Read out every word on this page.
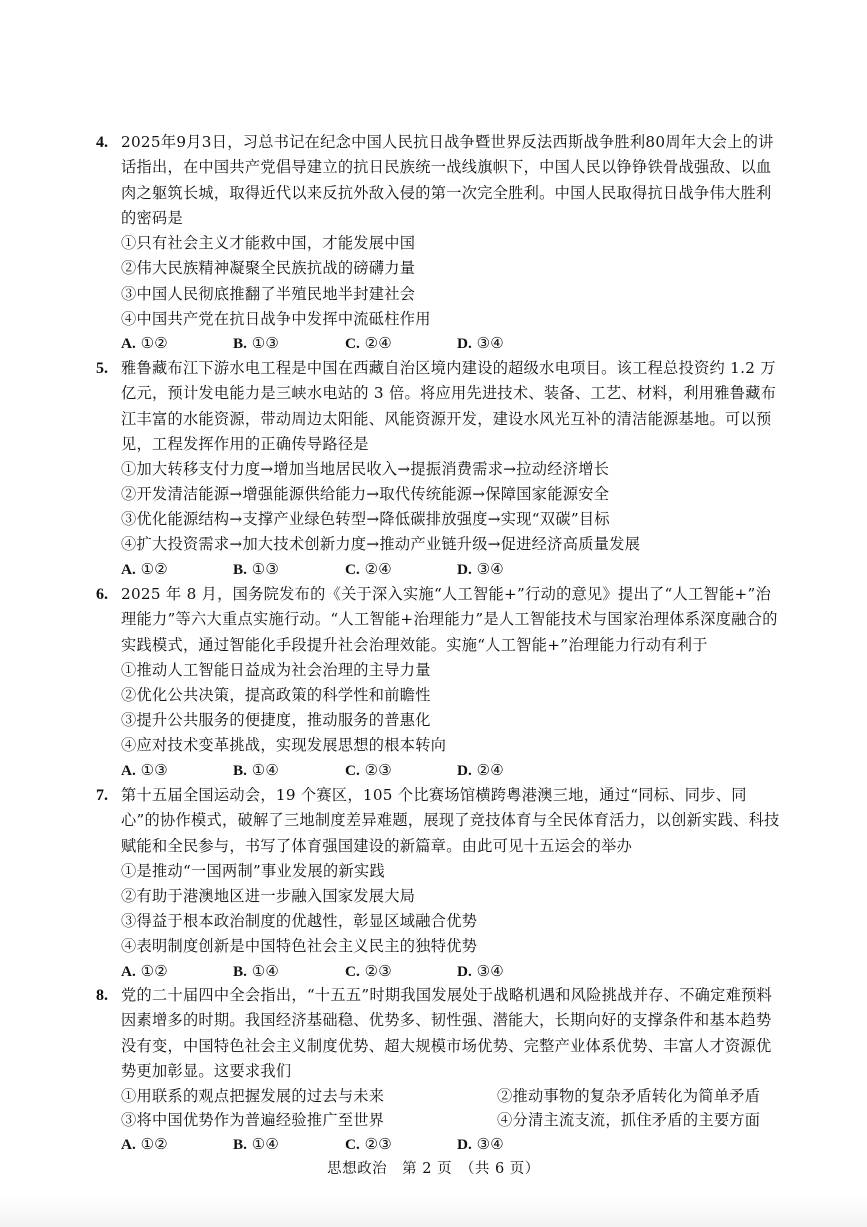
4. 2025年9月3日，习总书记在纪念中国人民抗日战争暨世界反法西斯战争胜利80周年大会上的讲话指出，在中国共产党倡导建立的抗日民族统一战线旗帜下，中国人民以铮铮铁骨战强敌、以血肉之躯筑长城，取得近代以来反抗外敌入侵的第一次完全胜利。中国人民取得抗日战争伟大胜利的密码是
①只有社会主义才能救中国，才能发展中国
②伟大民族精神凝聚全民族抗战的磅礴力量
③中国人民彻底推翻了半殖民地半封建社会
④中国共产党在抗日战争中发挥中流砥柱作用
A. ①②	B. ①③	C. ②④	D. ③④
5. 雅鲁藏布江下游水电工程是中国在西藏自治区境内建设的超级水电项目。该工程总投资约 1.2 万亿元，预计发电能力是三峡水电站的 3 倍。将应用先进技术、装备、工艺、材料，利用雅鲁藏布江丰富的水能资源，带动周边太阳能、风能资源开发，建设水风光互补的清洁能源基地。可以预见，工程发挥作用的正确传导路径是
①加大转移支付力度→增加当地居民收入→提振消费需求→拉动经济增长
②开发清洁能源→增强能源供给能力→取代传统能源→保障国家能源安全
③优化能源结构→支撑产业绿色转型→降低碳排放强度→实现“双碳”目标
④扩大投资需求→加大技术创新力度→推动产业链升级→促进经济高质量发展
A. ①②	B. ①③	C. ②④	D. ③④
6. 2025 年 8 月，国务院发布的《关于深入实施“人工智能+”行动的意见》提出了“人工智能+”治理能力”等六大重点实施行动。“人工智能+治理能力”是人工智能技术与国家治理体系深度融合的实践模式，通过智能化手段提升社会治理效能。实施“人工智能+”治理能力行动有利于
①推动人工智能日益成为社会治理的主导力量
②优化公共决策，提高政策的科学性和前瞻性
③提升公共服务的便捷度，推动服务的普惠化
④应对技术变革挑战，实现发展思想的根本转向
A. ①③	B. ①④	C. ②③	D. ②④
7. 第十五届全国运动会，19 个赛区，105 个比赛场馆横跨粤港澳三地，通过“同标、同步、同心”的协作模式，破解了三地制度差异难题，展现了竞技体育与全民体育活力，以创新实践、科技赋能和全民参与，书写了体育强国建设的新篇章。由此可见十五运会的举办
①是推动“一国两制”事业发展的新实践
②有助于港澳地区进一步融入国家发展大局
③得益于根本政治制度的优越性，彰显区域融合优势
④表明制度创新是中国特色社会主义民主的独特优势
A. ①②	B. ①④	C. ②③	D. ③④
8. 党的二十届四中全会指出，“十五五”时期我国发展处于战略机遇和风险挑战并存、不确定难预料因素增多的时期。我国经济基础稳、优势多、韧性强、潜能大，长期向好的支撑条件和基本趋势没有变，中国特色社会主义制度优势、超大规模市场优势、完整产业体系优势、丰富人才资源优势更加彰显。这要求我们
①用联系的观点把握发展的过去与未来	②推动事物的复杂矛盾转化为简单矛盾
③将中国优势作为普遍经验推广至世界	④分清主流支流，抓住矛盾的主要方面
A. ①②	B. ①④	C. ②③	D. ③④
思想政治　第 2 页　（共 6 页）
